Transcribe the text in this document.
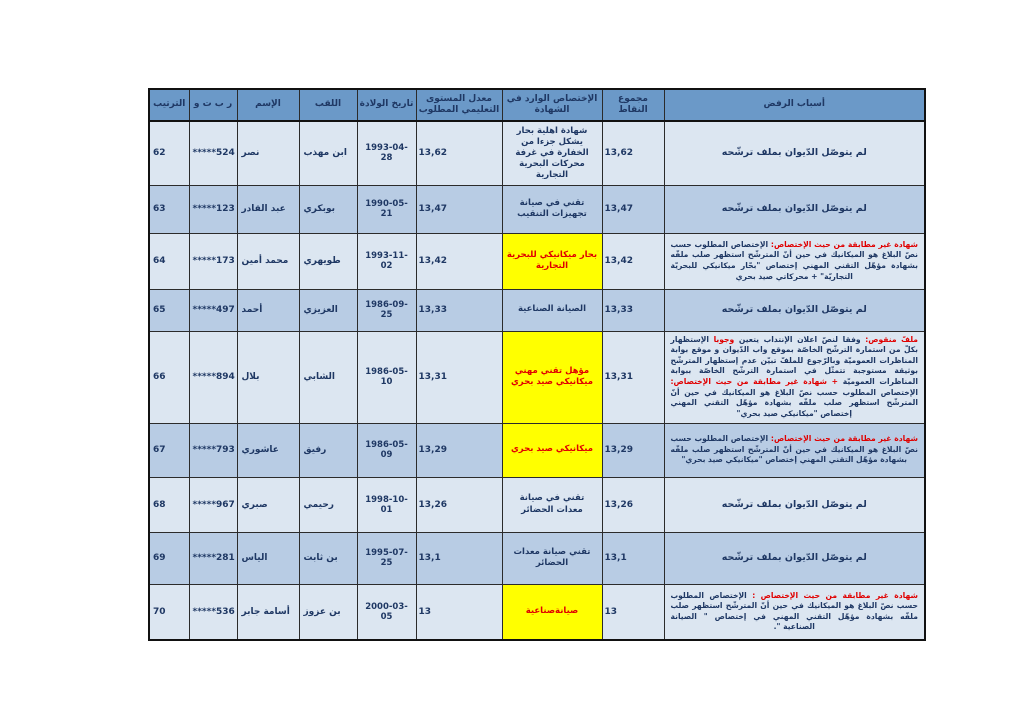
أسباب الرفض	مجموع النقاط	الإختصاص الوارد في الشهادة	معدل المستوى التعليمي المطلوب	تاريخ الولادة	اللقب	الإسم	ر ب ت و	الترتيب
لم يتوصّل الدّيوان بملف ترشّحه	13,62	شهادة اهلية بحار يشكل جزءا من الخفارة في غرفة محركات البحرية التجارية	13,62	1993-04-28	ابن مهذب	نصر	*****524	62
لم يتوصّل الدّيوان بملف ترشّحه	13,47	تقني في صيانة تجهيزات التنقيب	13,47	1990-05-21	بوبكري	عبد القادر	*****123	63
شهادة غير مطابقة من حيث الإختصاص: الإختصاص المطلوب حسب نصّ البلاغ هو الميكانيك في حين أنّ المترشّح استظهر صلب ملفّه بشهادة مؤهّل التقني المهني إختصاص "بحّار ميكانيكي للبحريّة التجاريّة" + محركاتي صيد بحري	13,42	بحار ميكانيكي للبحرية التجارية	13,42	1993-11-02	طويهري	محمد أمين	*****173	64
لم يتوصّل الدّيوان بملف ترشّحه	13,33	الصيانة الصناعية	13,33	1986-09-25	العزيزي	أحمد	*****497	65
ملفّ منقوص: وفقا لنصّ اعلان الإنتداب يتعين وجوبا الإستظهار بكلّ من استمارة الترشّح الخاصّة بموقع واب الدّيوان و موقع بوابة المناظرات العموميّة وبالرّجوع للملفّ تبيّن عدم إستظهار المترشّح بوثيقة مستوجبة تتمثّل في استمارة الترشّح الخاصّة ببوابة المناظرات العموميّة + شهادة غير مطابقة من حيث الإختصاص: الإختصاص المطلوب حسب نصّ البلاغ هو الميكانيك في حين أنّ المترشّح استظهر صلب ملفّه بشهادة مؤهّل التقني المهني إختصاص "ميكانيكي صيد بحري"	13,31	مؤهل تقني مهني ميكانيكي صيد بحري	13,31	1986-05-10	الشابي	بلال	*****894	66
شهادة غير مطابقة من حيث الإختصاص: الإختصاص المطلوب حسب نصّ البلاغ هو الميكانيك في حين أنّ المترشّح استظهر صلب ملفّه بشهادة مؤهّل التقني المهني إختصاص "ميكانيكي صيد بحري"	13,29	ميكانيكي صيد بحري	13,29	1986-05-09	رفيق	عاشوري	*****793	67
لم يتوصّل الدّيوان بملف ترشّحه	13,26	تقني في صيانة معدات الحضائر	13,26	1998-10-01	رحيمي	صبري	*****967	68
لم يتوصّل الدّيوان بملف ترشّحه	13,1	تقني صيانة معدات الحضائر	13,1	1995-07-25	بن ثابت	الياس	*****281	69
شهادة غير مطابقة من حيث الإختصاص : الإختصاص المطلوب حسب نصّ البلاغ هو الميكانيك في حين أنّ المترشّح استظهر صلب ملفّه بشهادة مؤهّل التقني المهني في إختصاص " الصيانة الصناعية ".	13	صيانةصناعية	13	2000-03-05	بن عزوز	أسامة جابر	*****536	70
